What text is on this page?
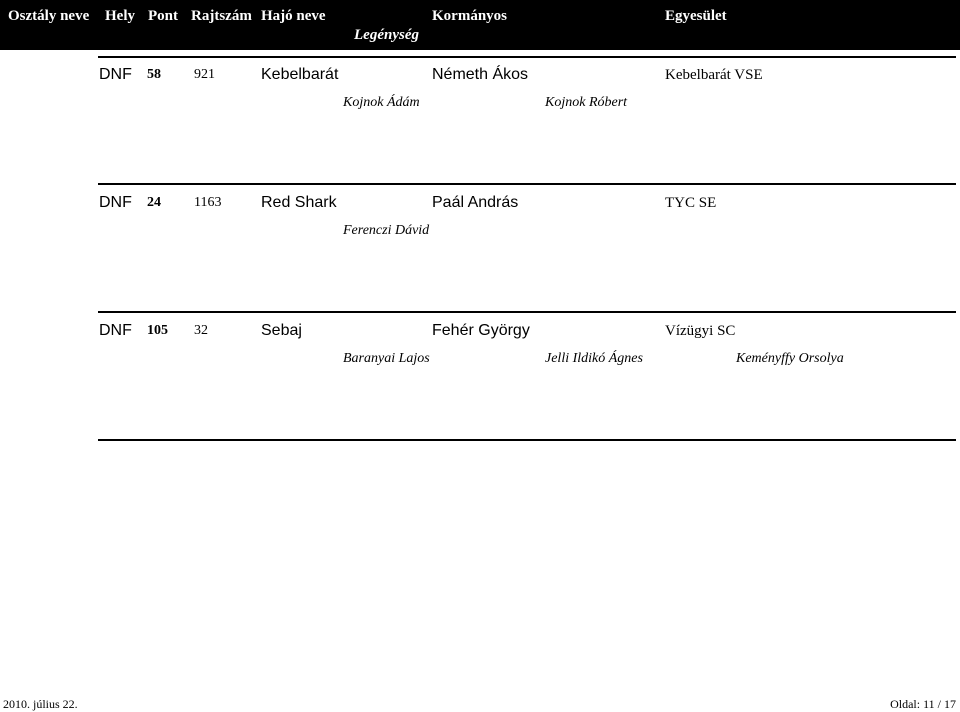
Osztály neve Hely Pont Rajtszám Hajó neve
Legénység
Kormányos	Egyesület
DNF 58 921	Kebelbarát	Németh Ákos	Kebelbarát VSE
Kojnok Ádám	Kojnok Róbert
DNF 24 1163 Red Shark	Paál András	TYC SE
Ferenczi Dávid
DNF 105 32	Sebaj	Fehér György	Vízügyi SC
Baranyai Lajos	Jelli Ildikó Ágnes	Keményffy Orsolya
2010. július 22.	Oldal: 11 / 17
